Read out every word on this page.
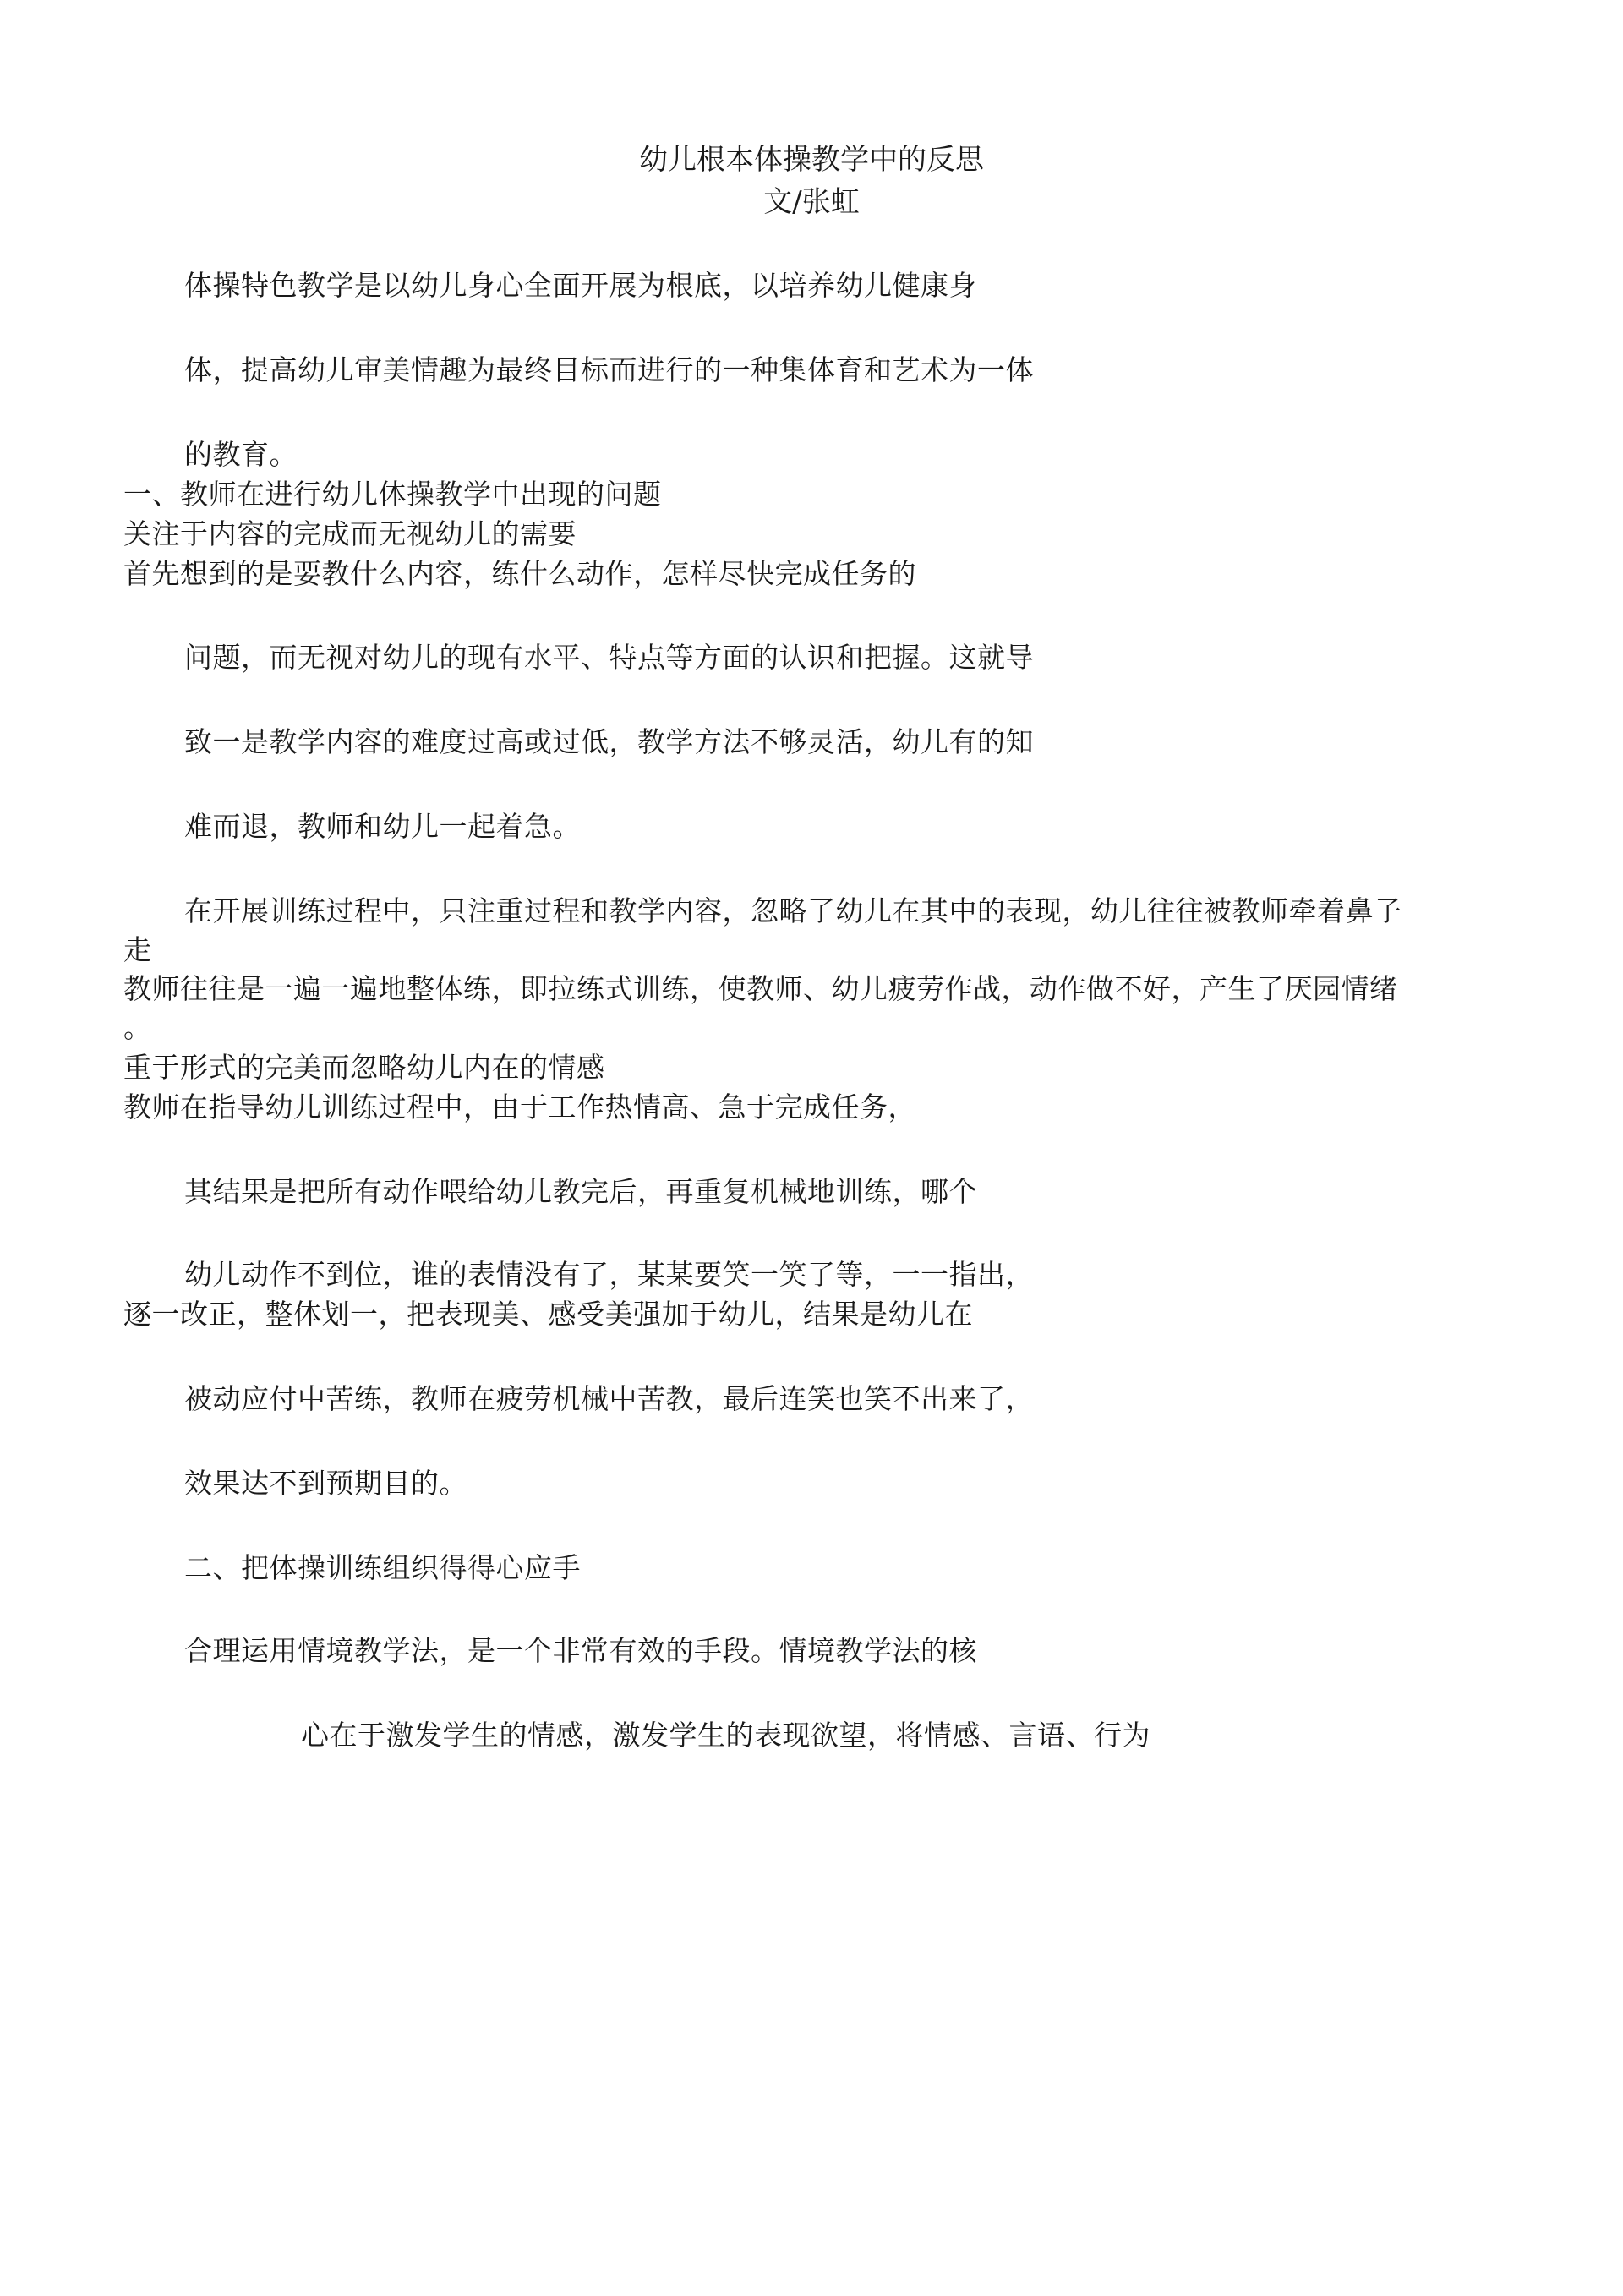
幼儿根本体操教学中的反思
文/张虹
体操特色教学是以幼儿身心全面开展为根底，以培养幼儿健康身
体，提高幼儿审美情趣为最终目标而进行的一种集体育和艺术为一体
的教育。
一、教师在进行幼儿体操教学中出现的问题
关注于内容的完成而无视幼儿的需要
首先想到的是要教什么内容，练什么动作，怎样尽快完成任务的
问题，而无视对幼儿的现有水平、特点等方面的认识和把握。这就导
致一是教学内容的难度过高或过低，教学方法不够灵活，幼儿有的知
难而退，教师和幼儿一起着急。
在开展训练过程中，只注重过程和教学内容，忽略了幼儿在其中的表现，幼儿往往被教师牵着鼻子
走
教师往往是一遍一遍地整体练，即拉练式训练，使教师、幼儿疲劳作战，动作做不好，产生了厌园情绪
。
重于形式的完美而忽略幼儿内在的情感
教师在指导幼儿训练过程中，由于工作热情高、急于完成任务，
其结果是把所有动作喂给幼儿教完后，再重复机械地训练，哪个
幼儿动作不到位，谁的表情没有了，某某要笑一笑了等，一一指出，
逐一改正，整体划一，把表现美、感受美强加于幼儿，结果是幼儿在
被动应付中苦练，教师在疲劳机械中苦教，最后连笑也笑不出来了，
效果达不到预期目的。
二、把体操训练组织得得心应手
合理运用情境教学法，是一个非常有效的手段。情境教学法的核
心在于激发学生的情感，激发学生的表现欲望，将情感、言语、行为
